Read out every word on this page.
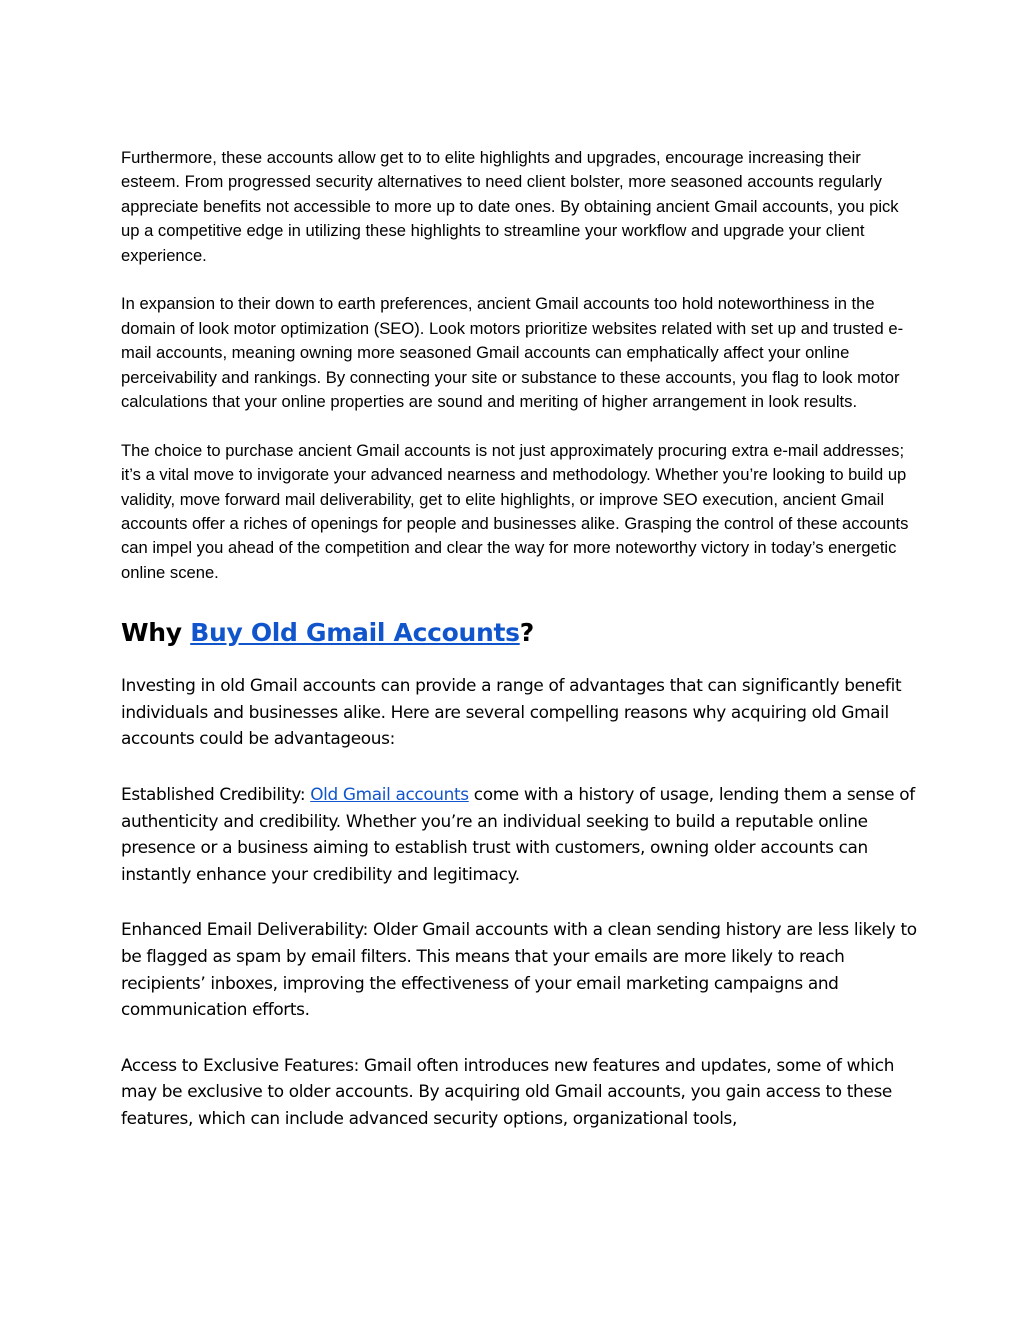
Furthermore, these accounts allow get to to elite highlights and upgrades, encourage increasing their esteem. From progressed security alternatives to need client bolster, more seasoned accounts regularly appreciate benefits not accessible to more up to date ones. By obtaining ancient Gmail accounts, you pick up a competitive edge in utilizing these highlights to streamline your workflow and upgrade your client experience.

In expansion to their down to earth preferences, ancient Gmail accounts too hold noteworthiness in the domain of look motor optimization (SEO). Look motors prioritize websites related with set up and trusted e-mail accounts, meaning owning more seasoned Gmail accounts can emphatically affect your online perceivability and rankings. By connecting your site or substance to these accounts, you flag to look motor calculations that your online properties are sound and meriting of higher arrangement in look results.

The choice to purchase ancient Gmail accounts is not just approximately procuring extra e-mail addresses; it’s a vital move to invigorate your advanced nearness and methodology. Whether you’re looking to build up validity, move forward mail deliverability, get to elite highlights, or improve SEO execution, ancient Gmail accounts offer a riches of openings for people and businesses alike. Grasping the control of these accounts can impel you ahead of the competition and clear the way for more noteworthy victory in today’s energetic online scene.

Why Buy Old Gmail Accounts?

Investing in old Gmail accounts can provide a range of advantages that can significantly benefit individuals and businesses alike. Here are several compelling reasons why acquiring old Gmail accounts could be advantageous:

Established Credibility: Old Gmail accounts come with a history of usage, lending them a sense of authenticity and credibility. Whether you’re an individual seeking to build a reputable online presence or a business aiming to establish trust with customers, owning older accounts can instantly enhance your credibility and legitimacy.

Enhanced Email Deliverability: Older Gmail accounts with a clean sending history are less likely to be flagged as spam by email filters. This means that your emails are more likely to reach recipients’ inboxes, improving the effectiveness of your email marketing campaigns and communication efforts.

Access to Exclusive Features: Gmail often introduces new features and updates, some of which may be exclusive to older accounts. By acquiring old Gmail accounts, you gain access to these features, which can include advanced security options, organizational tools,
